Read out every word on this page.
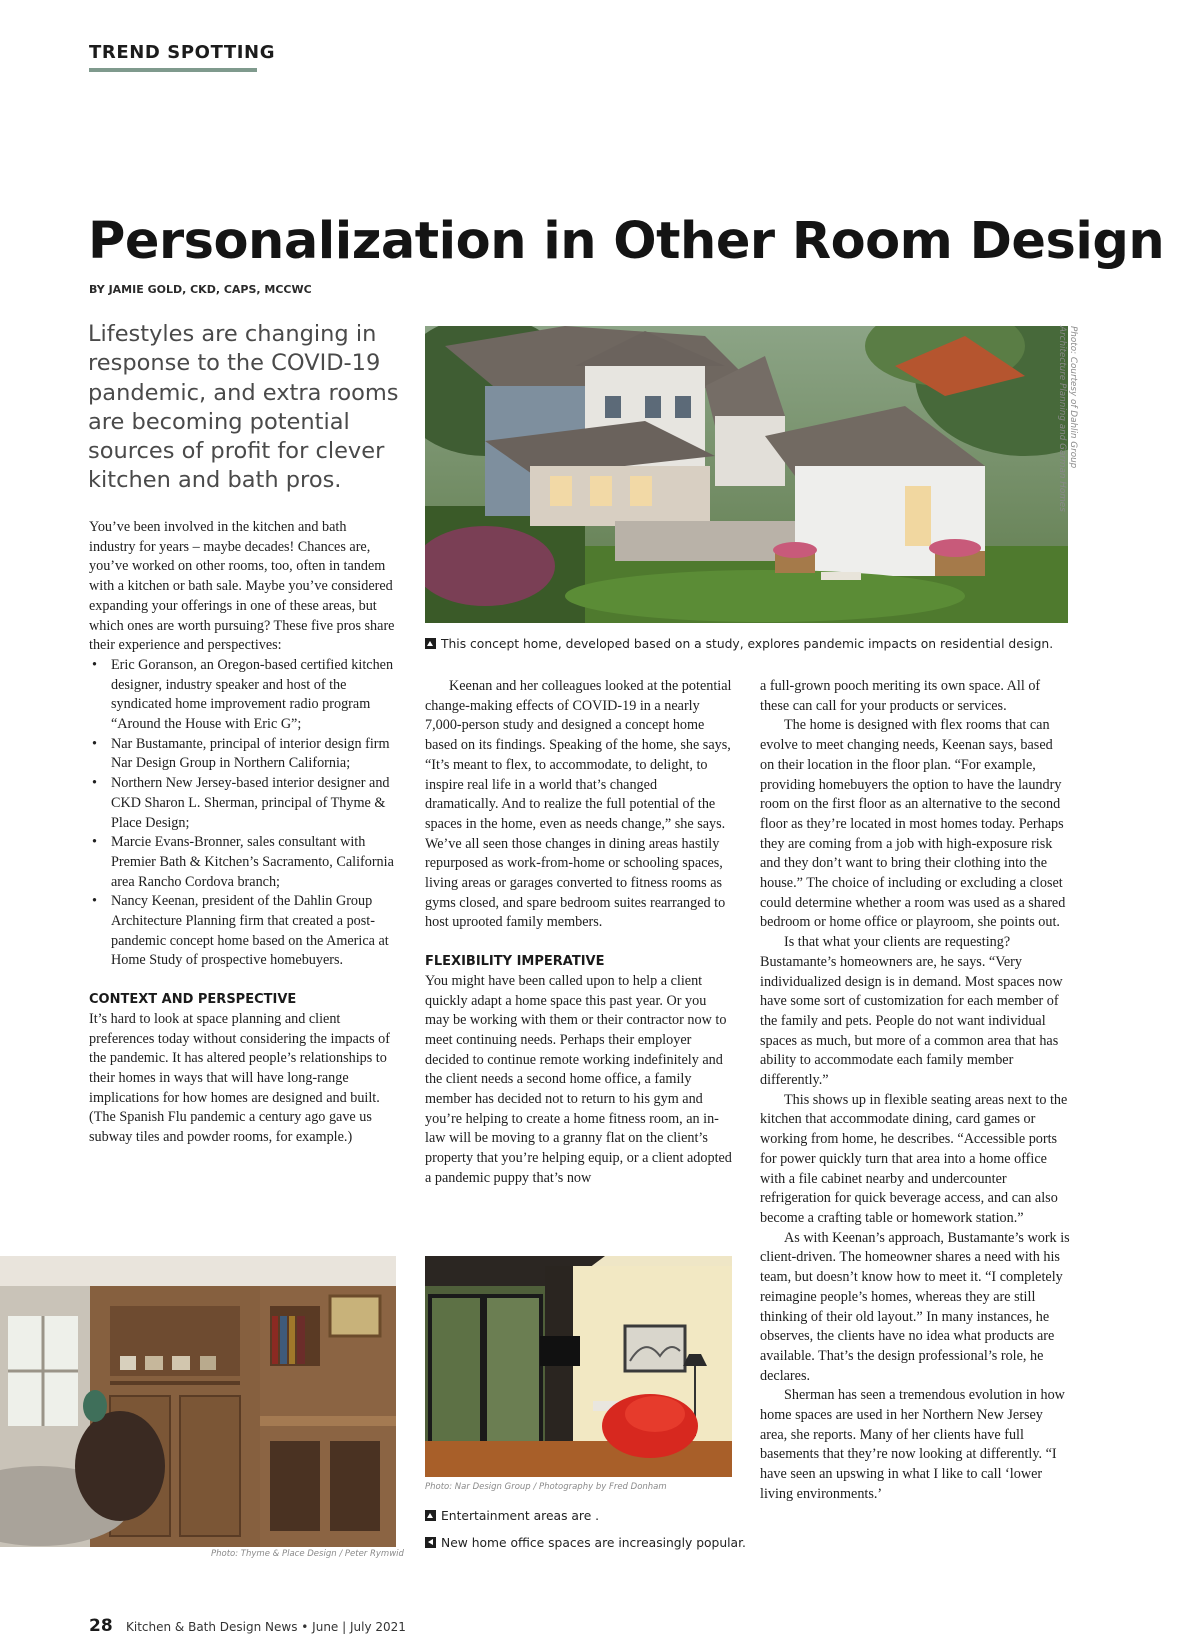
TREND SPOTTING
Personalization in Other Room Design
BY JAMIE GOLD, CKD, CAPS, MCCWC
Lifestyles are changing in response to the COVID-19 pandemic, and extra rooms are becoming potential sources of profit for clever kitchen and bath pros.

You’ve been involved in the kitchen and bath industry for years – maybe decades! Chances are, you’ve worked on other rooms, too, often in tandem with a kitchen or bath sale. Maybe you’ve considered expanding your offerings in one of these areas, but which ones are worth pursuing? These five pros share their experience and perspectives:

• Eric Goranson, an Oregon-based certified kitchen designer, industry speaker and host of the syndicated home improvement radio program “Around the House with Eric G”;
• Nar Bustamante, principal of interior design firm Nar Design Group in Northern California;
• Northern New Jersey-based interior designer and CKD Sharon L. Sherman, principal of Thyme & Place Design;
• Marcie Evans-Bronner, sales consultant with Premier Bath & Kitchen’s Sacramento, California area Rancho Cordova branch;
• Nancy Keenan, president of the Dahlin Group Architecture Planning firm that created a post-pandemic concept home based on the America at Home Study of prospective homebuyers.
CONTEXT AND PERSPECTIVE

It’s hard to look at space planning and client preferences today without considering the impacts of the pandemic. It has altered people’s relationships to their homes in ways that will have long-range implications for how homes are designed and built. (The Spanish Flu pandemic a century ago gave us subway tiles and powder rooms, for example.)

Keenan and her colleagues looked at the potential change-making effects of COVID-19 in a nearly 7,000-person study and designed a concept home based on its findings. Speaking of the home, she says, “It’s meant to flex, to accommodate, to delight, to inspire real life in a world that’s changed dramatically. And to realize the full potential of the spaces in the home, even as needs change,” she says. We’ve all seen those changes in dining areas hastily repurposed as work-from-home or schooling spaces, living areas or garages converted to fitness rooms as gyms closed, and spare bedroom suites rearranged to host uprooted family members.

FLEXIBILITY IMPERATIVE

You might have been called upon to help a client quickly adapt a home space this past year. Or you may be working with them or their contractor now to meet continuing needs. Perhaps their employer decided to continue remote working indefinitely and the client needs a second home office, a family member has decided not to return to his gym and you’re helping to create a home fitness room, an in-law will be moving to a granny flat on the client’s property that you’re helping equip, or a client adopted a pandemic puppy that’s now

a full-grown pooch meriting its own space. All of these can call for your products or services.

The home is designed with flex rooms that can evolve to meet changing needs, Keenan says, based on their location in the floor plan. “For example, providing homebuyers the option to have the laundry room on the first floor as an alternative to the second floor as they’re located in most homes today. Perhaps they are coming from a job with high-exposure risk and they don’t want to bring their clothing into the house.” The choice of including or excluding a closet could determine whether a room was used as a shared bedroom or home office or playroom, she points out.

Is that what your clients are requesting? Bustamante’s homeowners are, he says. “Very individualized design is in demand. Most spaces now have some sort of customization for each member of the family and pets. People do not want individual spaces as much, but more of a common area that has ability to accommodate each family member differently.”

This shows up in flexible seating areas next to the kitchen that accommodate dining, card games or working from home, he describes. “Accessible ports for power quickly turn that area into a home office with a file cabinet nearby and undercounter refrigeration for quick beverage access, and can also become a crafting table or homework station.”

As with Keenan’s approach, Bustamante’s work is client-driven. The homeowner shares a need with his team, but doesn’t know how to meet it. “I completely reimagine people’s homes, whereas they are still thinking of their old layout.” In many instances, he observes, the clients have no idea what products are available. That’s the design professional’s role, he declares.

Sherman has seen a tremendous evolution in how home spaces are used in her Northern New Jersey area, she reports. Many of her clients have full basements that they’re now looking at differently. “I have seen an upswing in what I like to call ‘lower living environments.’

Photo: Courtesy of Dahlin Group Architecture Planning and Garman Homes
This concept home, developed based on a study, explores pandemic impacts on residential design.
Photo: Thyme & Place Design / Peter Rymwid
Photo: Nar Design Group / Photography by Fred Donham
Entertainment areas are .
New home office spaces are increasingly popular.
28 Kitchen & Bath Design News • June | July 2021
